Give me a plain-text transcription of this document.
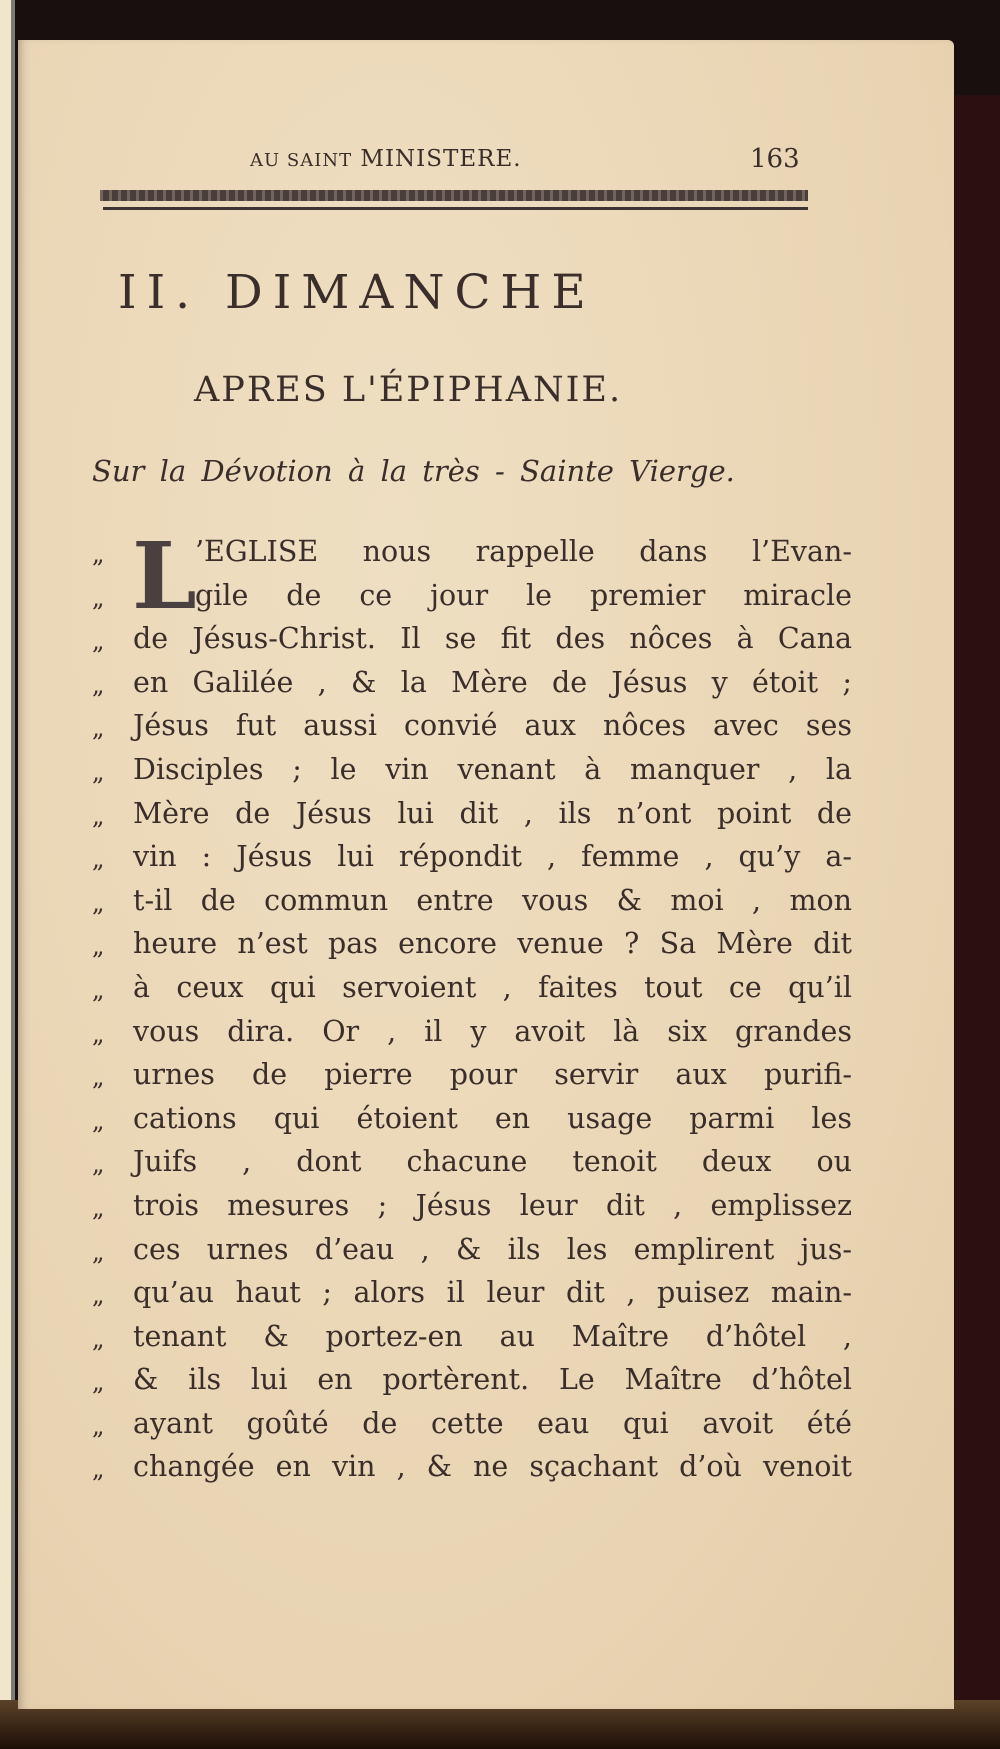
AU SAINT MINISTERE.	163
II. DIMANCHE
APRES L'ÉPIPHANIE.
Sur la Dévotion à la très - Sainte Vierge.
L
„	’EGLISE nous rappelle dans l’Evan-
„	gile de ce jour le premier miracle
„ de Jésus-Christ. Il se fit des nôces à Cana
„ en Galilée , & la Mère de Jésus y étoit ;
„ Jésus fut aussi convié aux nôces avec ses
„ Disciples ; le vin venant à manquer , la
„ Mère de Jésus lui dit , ils n’ont point de
„ vin : Jésus lui répondit , femme , qu’y a-
„ t-il de commun entre vous & moi , mon
„ heure n’est pas encore venue ? Sa Mère dit
„ à ceux qui servoient , faites tout ce qu’il
„ vous dira. Or , il y avoit là six grandes
„ urnes de pierre pour servir aux purifi-
„ cations qui étoient en usage parmi les
„ Juifs , dont chacune tenoit deux ou
„ trois mesures ; Jésus leur dit , emplissez
„ ces urnes d’eau , & ils les emplirent jus-
„ qu’au haut ; alors il leur dit , puisez main-
„ tenant & portez-en au Maître d’hôtel ,
„ & ils lui en portèrent. Le Maître d’hôtel
„ ayant goûté de cette eau qui avoit été
„ changée en vin , & ne sçachant d’où venoit
